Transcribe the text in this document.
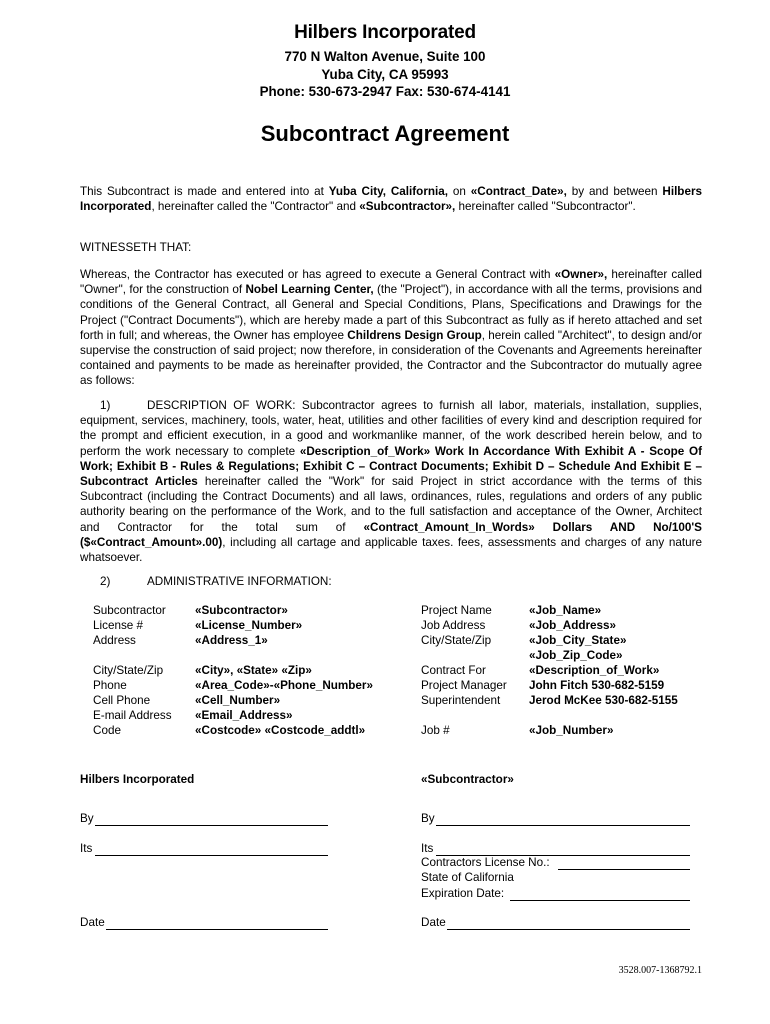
Hilbers Incorporated
770 N Walton Avenue, Suite 100
Yuba City, CA 95993
Phone: 530-673-2947 Fax: 530-674-4141
Subcontract Agreement

This Subcontract is made and entered into at Yuba City, California, on «Contract_Date», by and between Hilbers Incorporated, hereinafter called the "Contractor" and «Subcontractor», hereinafter called "Subcontractor".

WITNESSETH THAT:

Whereas, the Contractor has executed or has agreed to execute a General Contract with «Owner», hereinafter called "Owner", for the construction of Nobel Learning Center, (the "Project"), in accordance with all the terms, provisions and conditions of the General Contract, all General and Special Conditions, Plans, Specifications and Drawings for the Project ("Contract Documents"), which are hereby made a part of this Subcontract as fully as if hereto attached and set forth in full; and whereas, the Owner has employee Childrens Design Group, herein called "Architect", to design and/or supervise the construction of said project; now therefore, in consideration of the Covenants and Agreements hereinafter contained and payments to be made as hereinafter provided, the Contractor and the Subcontractor do mutually agree as follows:

1)	DESCRIPTION OF WORK: Subcontractor agrees to furnish all labor, materials, installation, supplies, equipment, services, machinery, tools, water, heat, utilities and other facilities of every kind and description required for the prompt and efficient execution, in a good and workmanlike manner, of the work described herein below, and to perform the work necessary to complete «Description_of_Work» Work In Accordance With Exhibit A - Scope Of Work; Exhibit B - Rules & Regulations; Exhibit C – Contract Documents; Exhibit D – Schedule And Exhibit E – Subcontract Articles hereinafter called the "Work" for said Project in strict accordance with the terms of this Subcontract (including the Contract Documents) and all laws, ordinances, rules, regulations and orders of any public authority bearing on the performance of the Work, and to the full satisfaction and acceptance of the Owner, Architect and Contractor for the total sum of «Contract_Amount_In_Words» Dollars AND No/100'S ($«Contract_Amount».00), including all cartage and applicable taxes. fees, assessments and charges of any nature whatsoever.

2)	ADMINISTRATIVE INFORMATION:
Subcontractor «Subcontractor»
License #	«License_Number»
Address	«Address_1»
City/State/Zip	«City», «State» «Zip»
Phone	«Area_Code»-«Phone_Number»
Cell Phone	«Cell_Number»
E-mail Address «Email_Address»
Code	«Costcode» «Costcode_addtl»
Project Name	«Job_Name»
Job Address	«Job_Address»
City/State/Zip	«Job_City_State»
«Job_Zip_Code»
Contract For	«Description_of_Work»
Project Manager John Fitch 530-682-5159
Superintendent Jerod McKee 530-682-5155
Job #	«Job_Number»
Hilbers Incorporated	«Subcontractor»
By	By
Its	Its
Contractors License No.:
State of California
Expiration Date:
Date	Date
3528.007-1368792.1
